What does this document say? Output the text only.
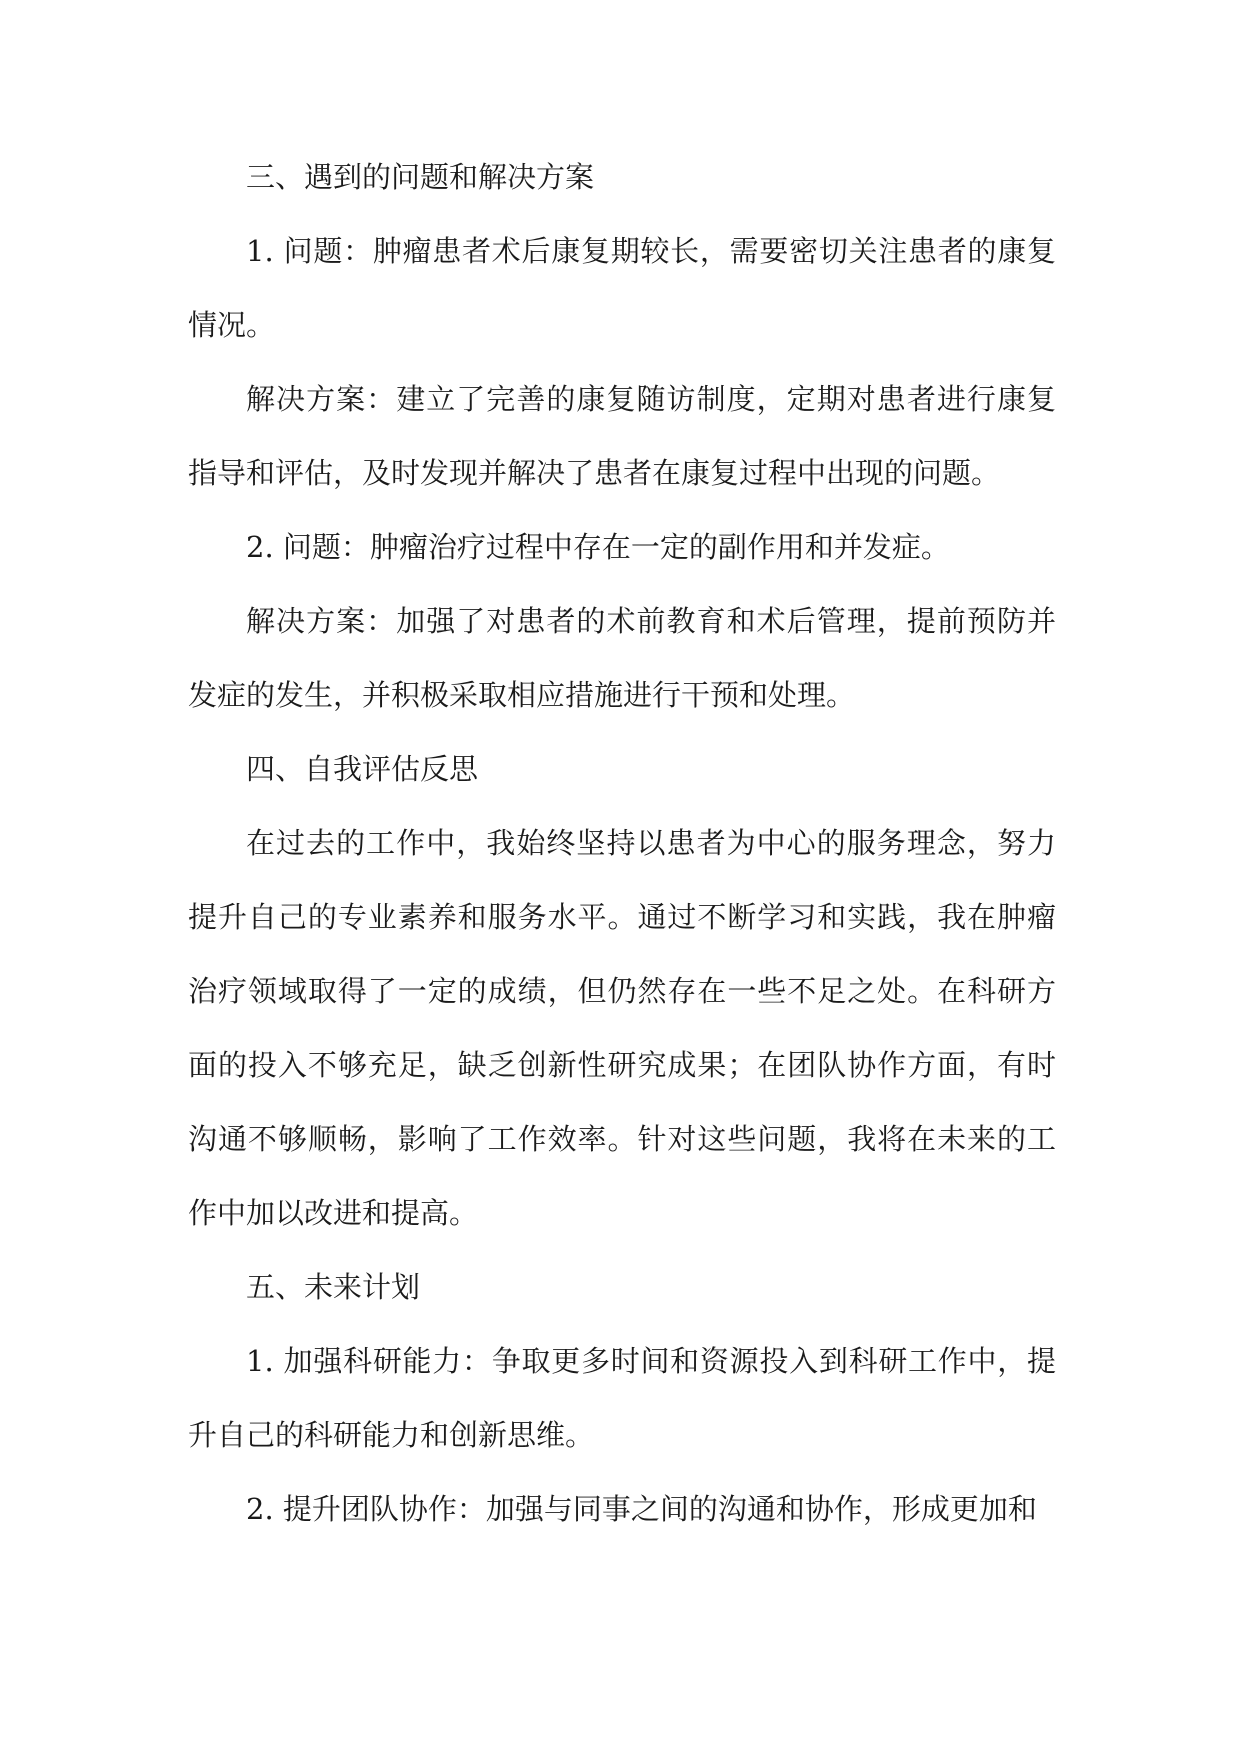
三、遇到的问题和解决方案

1. 问题：肿瘤患者术后康复期较长，需要密切关注患者的康复情况。

解决方案：建立了完善的康复随访制度，定期对患者进行康复指导和评估，及时发现并解决了患者在康复过程中出现的问题。

2. 问题：肿瘤治疗过程中存在一定的副作用和并发症。

解决方案：加强了对患者的术前教育和术后管理，提前预防并发症的发生，并积极采取相应措施进行干预和处理。

四、自我评估反思

在过去的工作中，我始终坚持以患者为中心的服务理念，努力提升自己的专业素养和服务水平。通过不断学习和实践，我在肿瘤治疗领域取得了一定的成绩，但仍然存在一些不足之处。在科研方面的投入不够充足，缺乏创新性研究成果；在团队协作方面，有时沟通不够顺畅，影响了工作效率。针对这些问题，我将在未来的工作中加以改进和提高。

五、未来计划

1. 加强科研能力：争取更多时间和资源投入到科研工作中，提升自己的科研能力和创新思维。

2. 提升团队协作：加强与同事之间的沟通和协作，形成更加和
